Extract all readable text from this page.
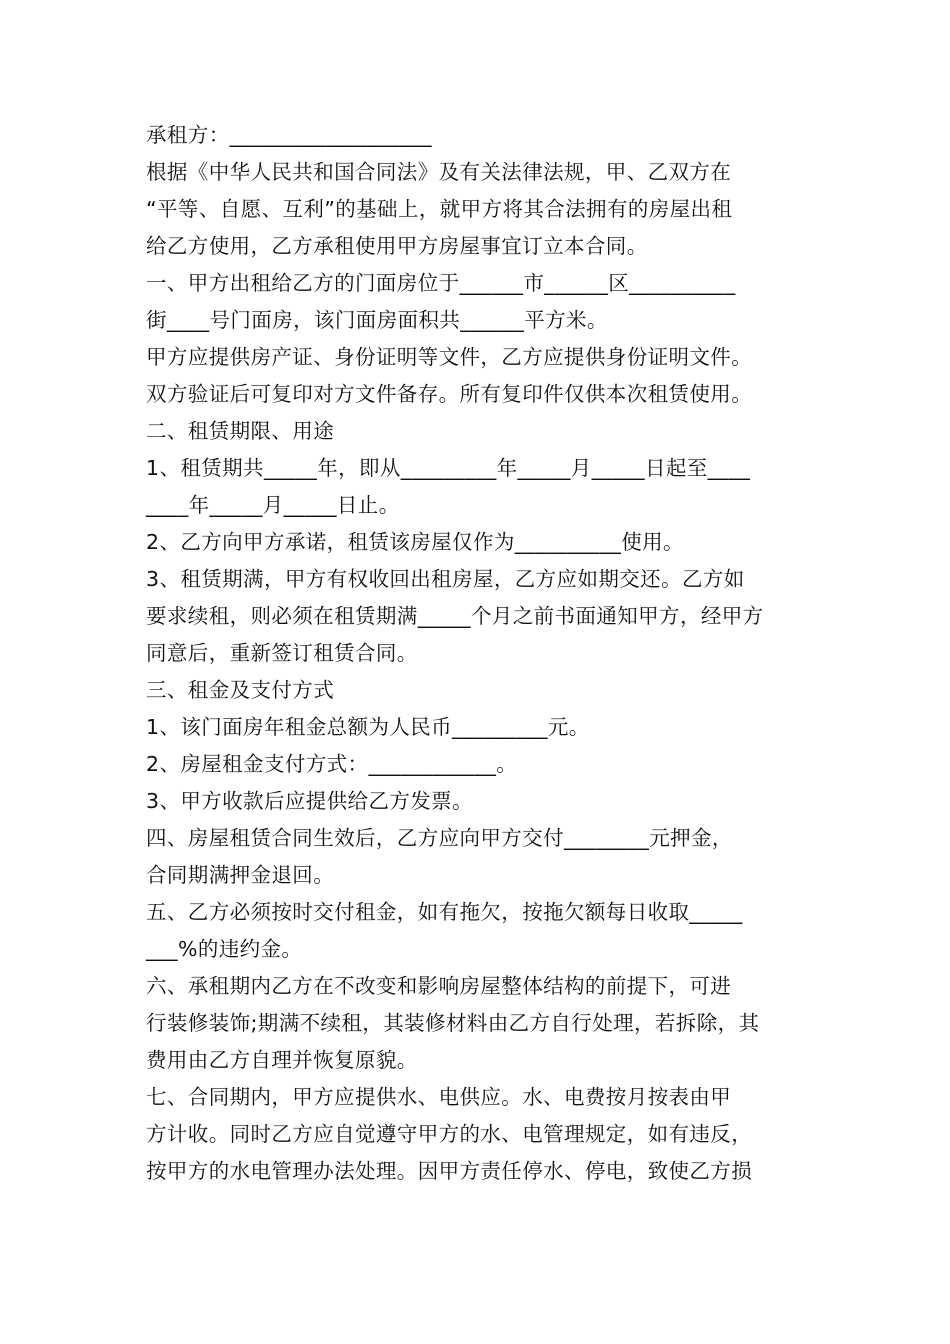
承租方：___________________
根据《中华人民共和国合同法》及有关法律法规，甲、乙双方在
“平等、自愿、互利”的基础上，就甲方将其合法拥有的房屋出租
给乙方使用，乙方承租使用甲方房屋事宜订立本合同。
一、甲方出租给乙方的门面房位于______市______区__________
街____号门面房，该门面房面积共______平方米。
甲方应提供房产证、身份证明等文件，乙方应提供身份证明文件。
双方验证后可复印对方文件备存。所有复印件仅供本次租赁使用。
二、租赁期限、用途
1、租赁期共_____年，即从_________年_____月_____日起至____
____年_____月_____日止。
2、乙方向甲方承诺，租赁该房屋仅作为__________使用。
3、租赁期满，甲方有权收回出租房屋，乙方应如期交还。乙方如
要求续租，则必须在租赁期满_____个月之前书面通知甲方，经甲方
同意后，重新签订租赁合同。
三、租金及支付方式
1、该门面房年租金总额为人民币_________元。
2、房屋租金支付方式：____________。
3、甲方收款后应提供给乙方发票。
四、房屋租赁合同生效后，乙方应向甲方交付________元押金，
合同期满押金退回。
五、乙方必须按时交付租金，如有拖欠，按拖欠额每日收取_____
___%的违约金。
六、承租期内乙方在不改变和影响房屋整体结构的前提下，可进
行装修装饰;期满不续租，其装修材料由乙方自行处理，若拆除，其
费用由乙方自理并恢复原貌。
七、合同期内，甲方应提供水、电供应。水、电费按月按表由甲
方计收。同时乙方应自觉遵守甲方的水、电管理规定，如有违反，
按甲方的水电管理办法处理。因甲方责任停水、停电，致使乙方损
